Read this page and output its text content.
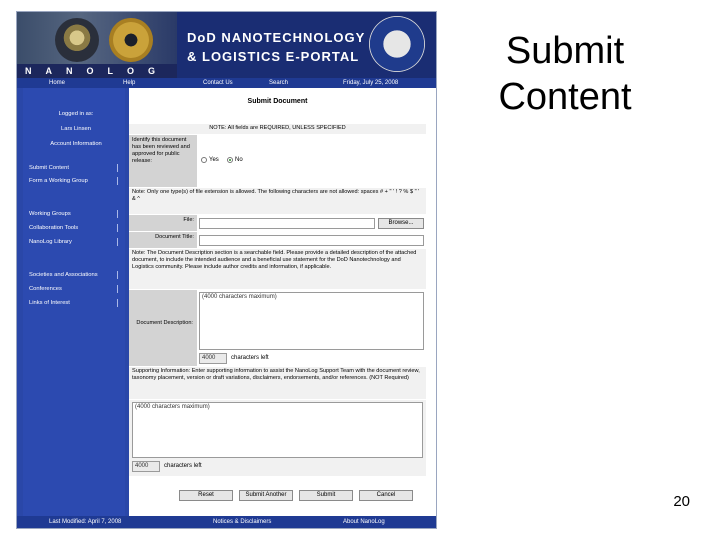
Submit
Content
20
NANOLOG
DoD NANOTECHNOLOGY
& LOGISTICS E-PORTAL
Home	Help	Contact Us	Search	Friday, July 25, 2008
Logged in as:
Lars Linsen
Account Information
Submit Content
Form a Working Group
Working Groups
Collaboration Tools
NanoLog Library
Societies and Associations
Conferences
Links of Interest
Submit Document
NOTE: All fields are REQUIRED, UNLESS SPECIFIED
Identify this document has been reviewed and approved for public release:	Yes	No
Note: Only one type(s) of file extension is allowed. The following characters are not allowed: spaces # + " ' ! ? % $ " ' & ^
File:	Browse...
Document Title:
Note: The Document Description section is a searchable field. Please provide a detailed description of the attached document, to include the intended audience and a beneficial use statement for the DoD Nanotechnology and Logistics community. Please include author credits and information, if applicable.
Document Description:
(4000 characters maximum)
4000	characters left
Supporting Information: Enter supporting information to assist the NanoLog Support Team with the document review, taxonomy placement, version or draft variations, disclaimers, endorsements, and/or references. (NOT Required)
(4000 characters maximum)
4000	characters left
Reset	Submit Another	Submit	Cancel
Last Modified: April 7, 2008	Notices & Disclaimers	About NanoLog
